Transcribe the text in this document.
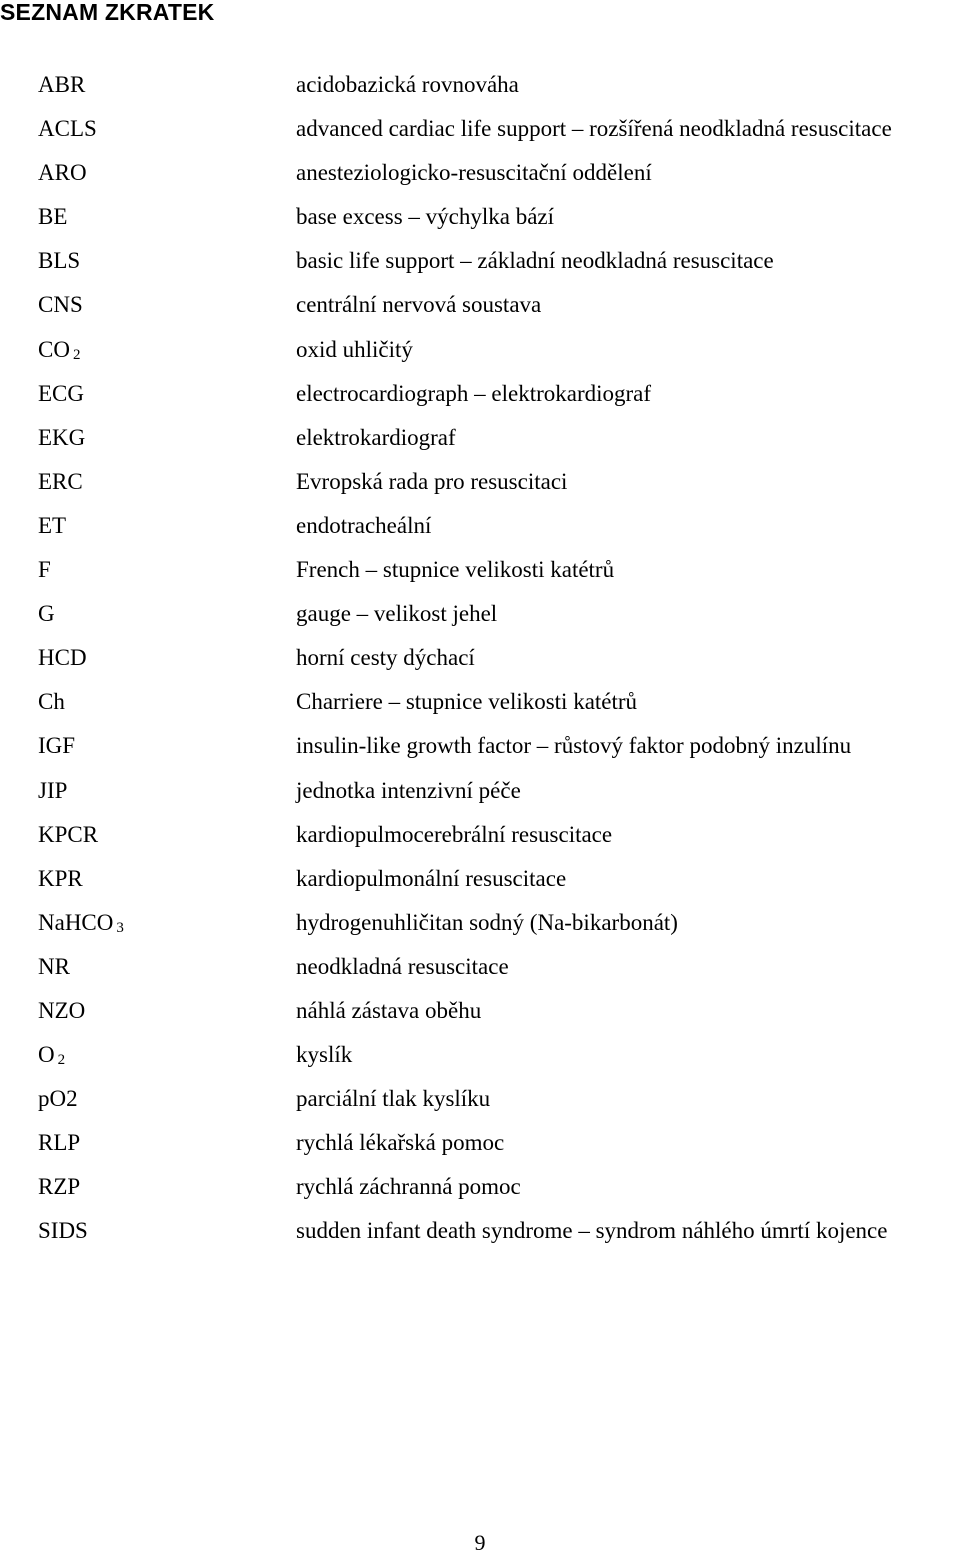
SEZNAM ZKRATEK
ABR	acidobazická rovnováha
ACLS	advanced cardiac life support – rozšířená neodkladná resuscitace
ARO	anesteziologicko-resuscitační oddělení
BE	base excess – výchylka bází
BLS	basic life support – základní neodkladná resuscitace
CNS	centrální nervová soustava
CO $_2$	oxid uhličitý
ECG	electrocardiograph – elektrokardiograf
EKG	elektrokardiograf
ERC	Evropská rada pro resuscitaci
ET	endotracheální
F	French – stupnice velikosti katétrů
G	gauge – velikost jehel
HCD	horní cesty dýchací
Ch	Charriere – stupnice velikosti katétrů
IGF	insulin-like growth factor – růstový faktor podobný inzulínu
JIP	jednotka intenzivní péče
KPCR	kardiopulmocerebrální resuscitace
KPR	kardiopulmonální resuscitace
NaHCO $_3$	hydrogenuhličitan sodný (Na-bikarbonát)
NR	neodkladná resuscitace
NZO	náhlá zástava oběhu
O $_2$	kyslík
pO2	parciální tlak kyslíku
RLP	rychlá lékařská pomoc
RZP	rychlá záchranná pomoc
SIDS	sudden infant death syndrome – syndrom náhlého úmrtí kojence
9
